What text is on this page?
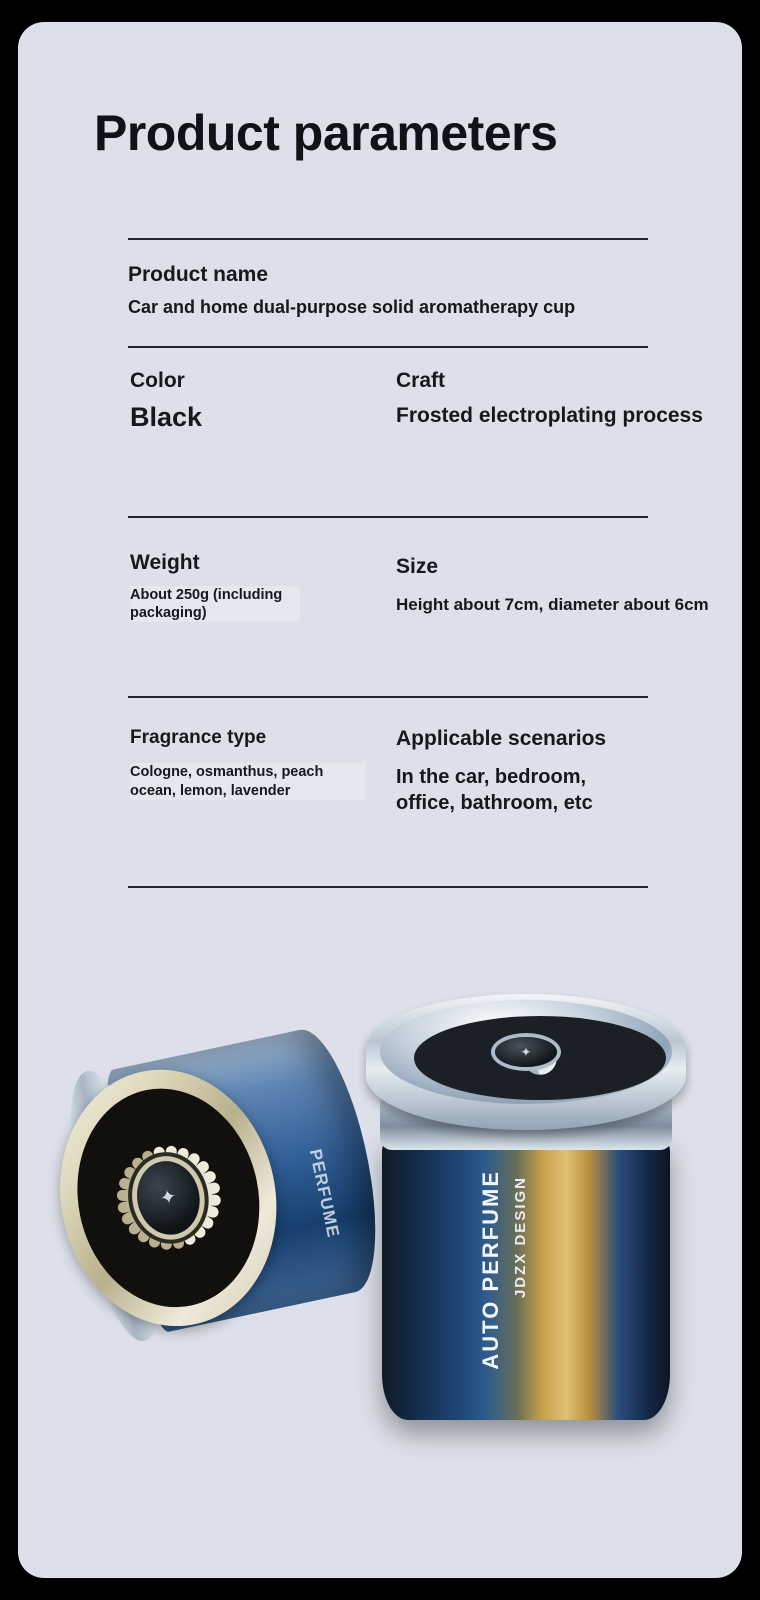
Product parameters
Product name
Car and home dual-purpose solid aromatherapy cup
Color
Black
Craft
Frosted electroplating process
Weight
About 250g (including packaging)
Size
Height about 7cm, diameter about 6cm
Fragrance type
Cologne, osmanthus, peach ocean, lemon, lavender
Applicable scenarios
In the car, bedroom, office, bathroom, etc
PERFUME
✦	AUTO PERFUME JDZX DESIGN
✦
